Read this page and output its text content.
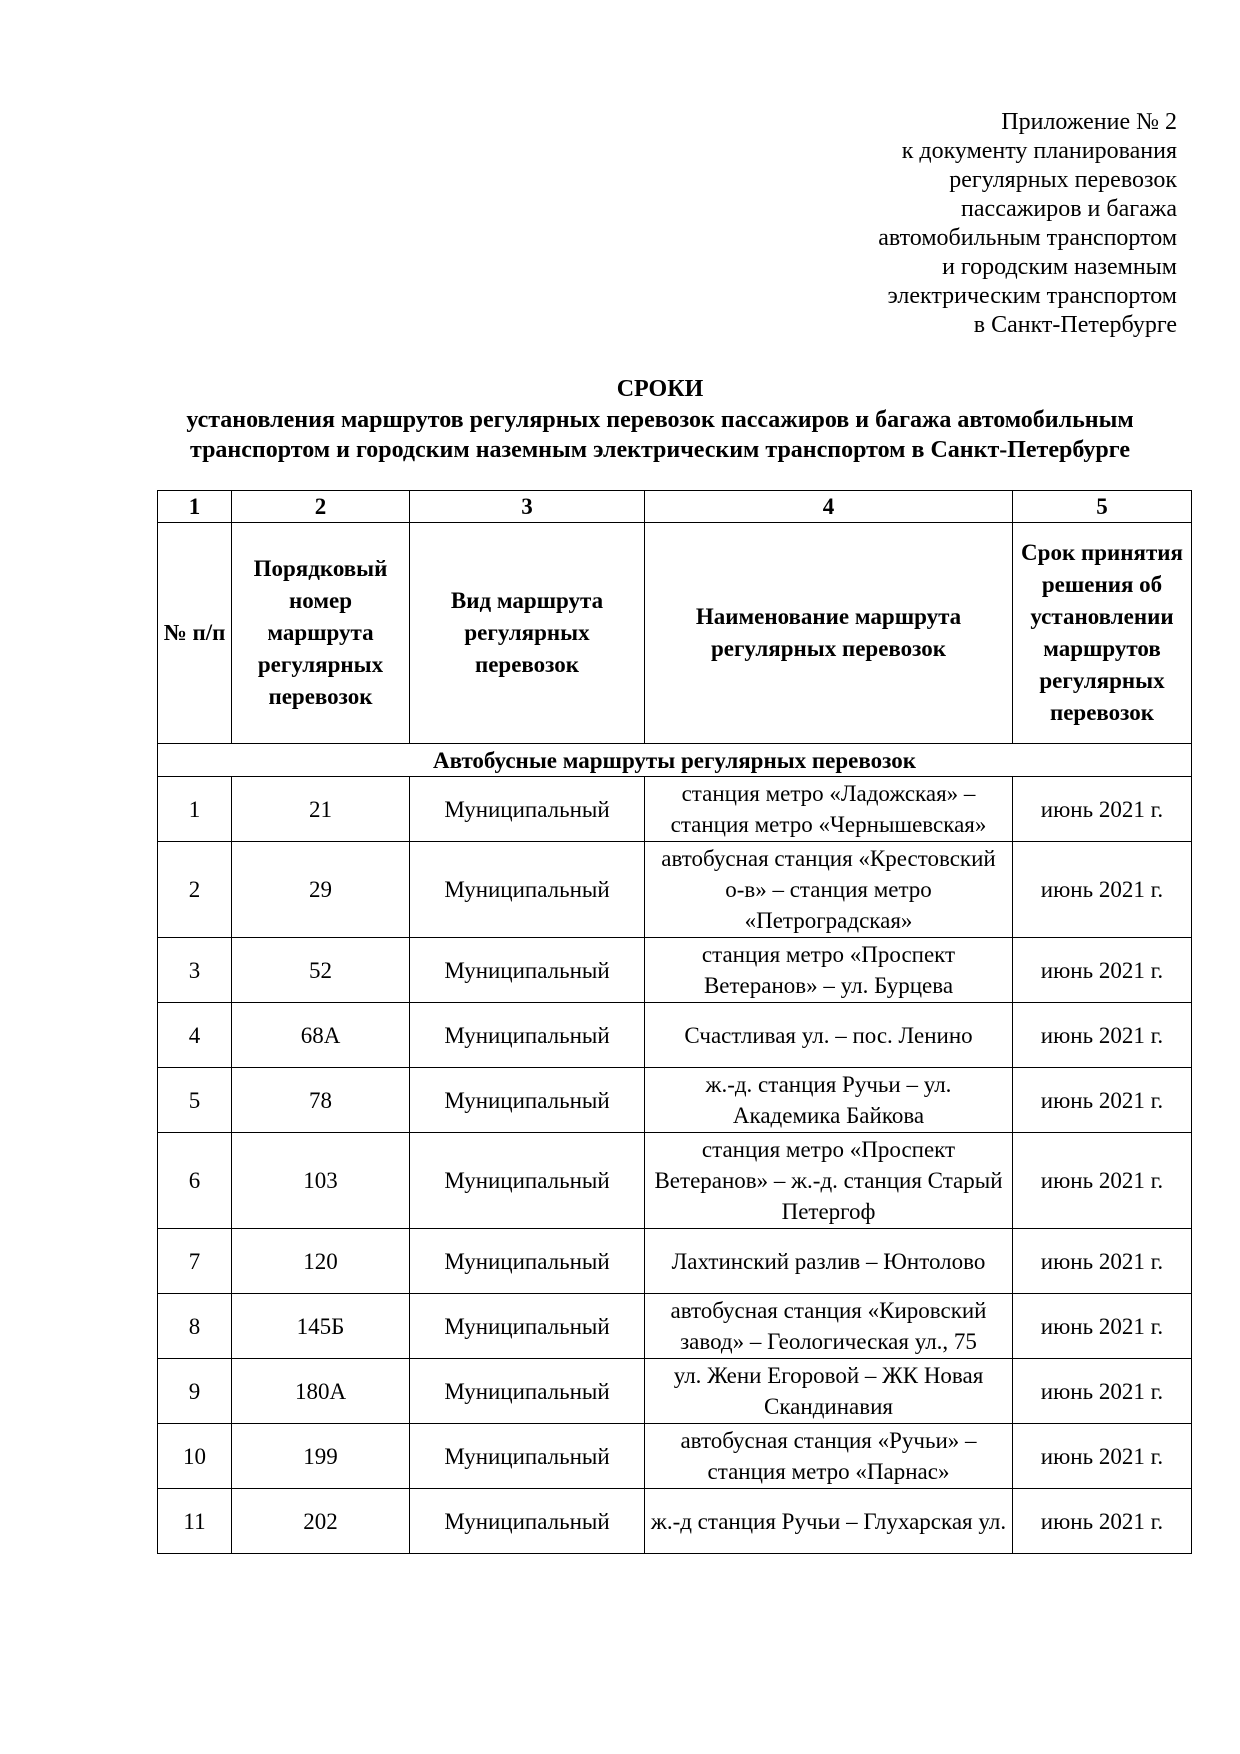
Приложение № 2
к документу планирования
регулярных перевозок
пассажиров и багажа
автомобильным транспортом
и городским наземным
электрическим транспортом
в Санкт-Петербурге
СРОКИ
установления маршрутов регулярных перевозок пассажиров и багажа автомобильным
транспортом и городским наземным электрическим транспортом в Санкт-Петербурге
1	2	3	4	5
№ п/п	Порядковый номер маршрута регулярных перевозок	Вид маршрута регулярных перевозок	Наименование маршрута регулярных перевозок	Срок принятия решения об установлении маршрутов регулярных перевозок
Автобусные маршруты регулярных перевозок				
1	21	Муниципальный	станция метро «Ладожская» – станция метро «Чернышевская»	июнь 2021 г.
2	29	Муниципальный	автобусная станция «Крестовский о-в» – станция метро «Петроградская»	июнь 2021 г.
3	52	Муниципальный	станция метро «Проспект Ветеранов» – ул. Бурцева	июнь 2021 г.
4	68А	Муниципальный	Счастливая ул. – пос. Ленино	июнь 2021 г.
5	78	Муниципальный	ж.-д. станция Ручьи – ул. Академика Байкова	июнь 2021 г.
6	103	Муниципальный	станция метро «Проспект Ветеранов» – ж.-д. станция Старый Петергоф	июнь 2021 г.
7	120	Муниципальный	Лахтинский разлив – Юнтолово	июнь 2021 г.
8	145Б	Муниципальный	автобусная станция «Кировский завод» – Геологическая ул., 75	июнь 2021 г.
9	180А	Муниципальный	ул. Жени Егоровой – ЖК Новая Скандинавия	июнь 2021 г.
10	199	Муниципальный	автобусная станция «Ручьи» – станция метро «Парнас»	июнь 2021 г.
11	202	Муниципальный	ж.-д станция Ручьи – Глухарская ул.	июнь 2021 г.
